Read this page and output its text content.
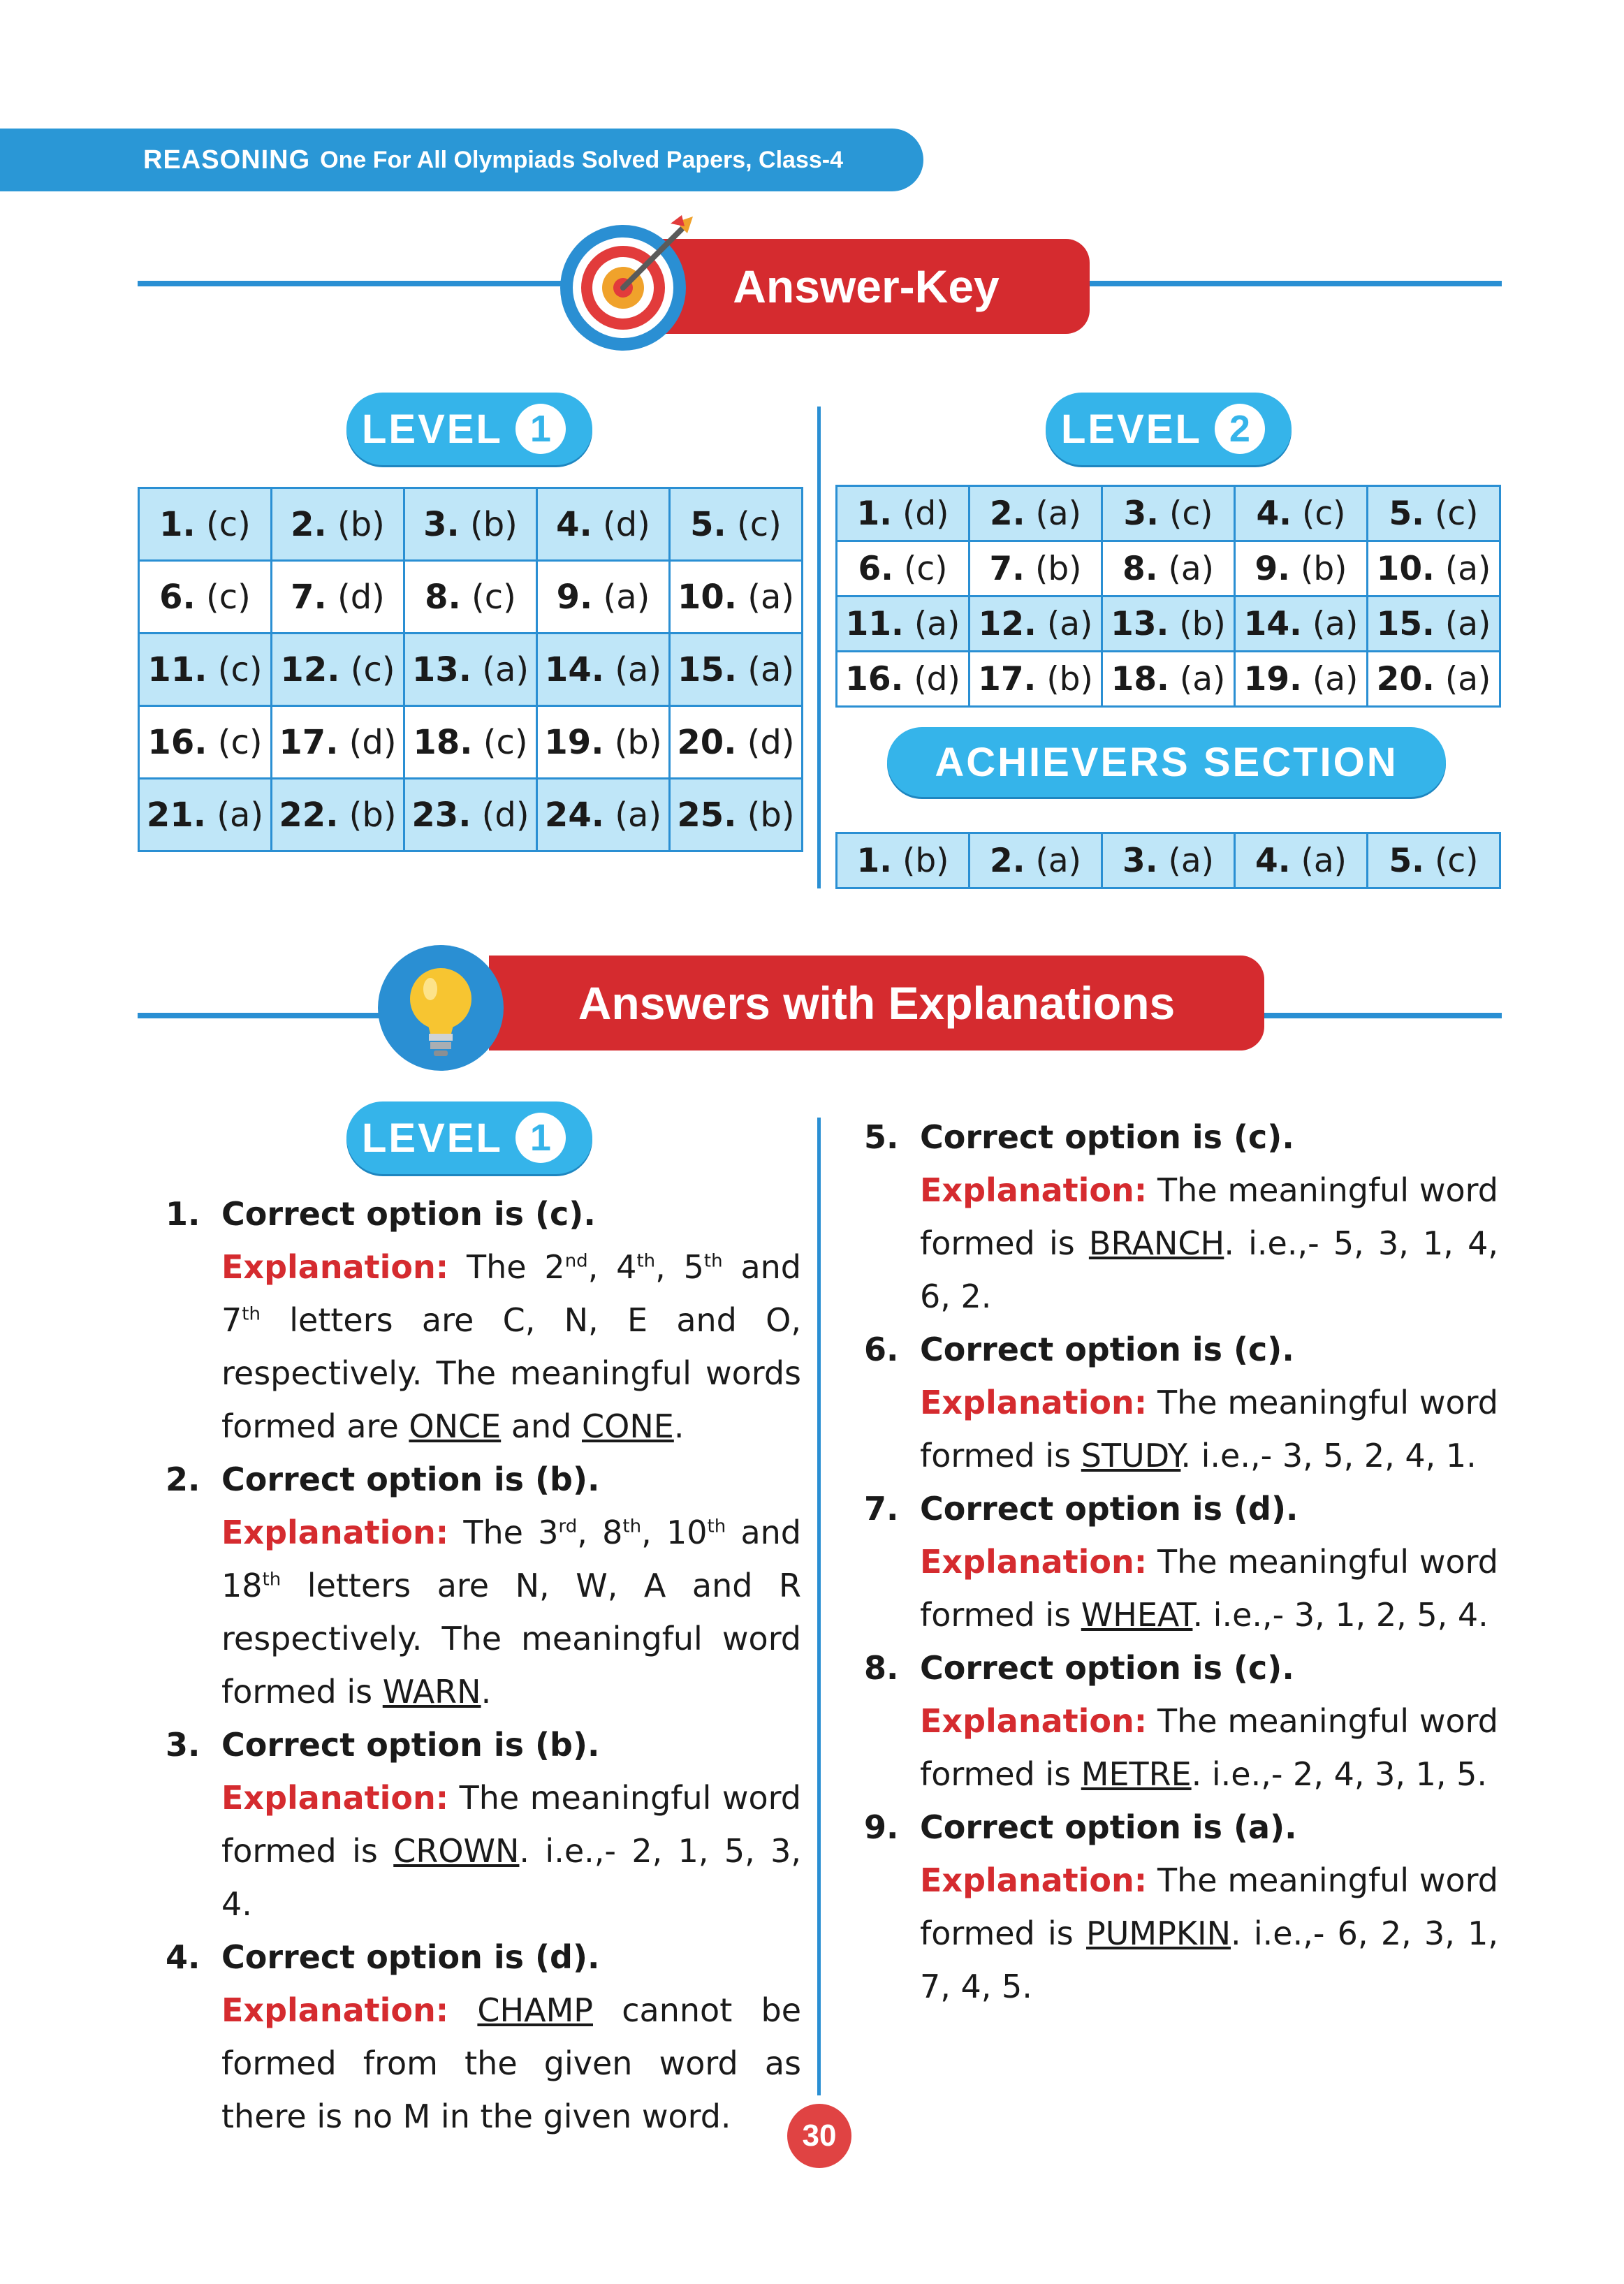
REASONING One For All Olympiads Solved Papers, Class-4
Answer-Key
LEVEL 1	LEVEL 2
1. (c)	2. (b)	3. (b)	4. (d)	5. (c)
6. (c)	7. (d)	8. (c)	9. (a)	10. (a)
11. (c)	12. (c)	13. (a)	14. (a)	15. (a)
16. (c)	17. (d)	18. (c)	19. (b)	20. (d)
21. (a)	22. (b)	23. (d)	24. (a)	25. (b)
1. (d)	2. (a)	3. (c)	4. (c)	5. (c)
6. (c)	7. (b)	8. (a)	9. (b)	10. (a)
11. (a)	12. (a)	13. (b)	14. (a)	15. (a)
16. (d)	17. (b)	18. (a)	19. (a)	20. (a)
ACHIEVERS SECTION
1. (b)	2. (a)	3. (a)	4. (a)	5. (c)
Answers with Explanations
LEVEL 1
1. Correct option is (c).
Explanation: The 2nd, 4th, 5th and 7th letters are C, N, E and O, respectively. The meaningful words formed are ONCE and CONE.
2. Correct option is (b).
Explanation: The 3rd, 8th, 10th and 18th letters are N, W, A and R respectively. The meaningful word formed is WARN.
3. Correct option is (b).
Explanation: The meaningful word formed is CROWN. i.e.,- 2, 1, 5, 3, 4.
4. Correct option is (d).
Explanation: CHAMP cannot be formed from the given word as there is no M in the given word.
5. Correct option is (c).
Explanation: The meaningful word formed is BRANCH. i.e.,- 5, 3, 1, 4, 6, 2.
6. Correct option is (c).
Explanation: The meaningful word formed is STUDY. i.e.,- 3, 5, 2, 4, 1.
7. Correct option is (d).
Explanation: The meaningful word formed is WHEAT. i.e.,- 3, 1, 2, 5, 4.
8. Correct option is (c).
Explanation: The meaningful word formed is METRE. i.e.,- 2, 4, 3, 1, 5.
9. Correct option is (a).
Explanation: The meaningful word formed is PUMPKIN. i.e.,- 6, 2, 3, 1, 7, 4, 5.
30
